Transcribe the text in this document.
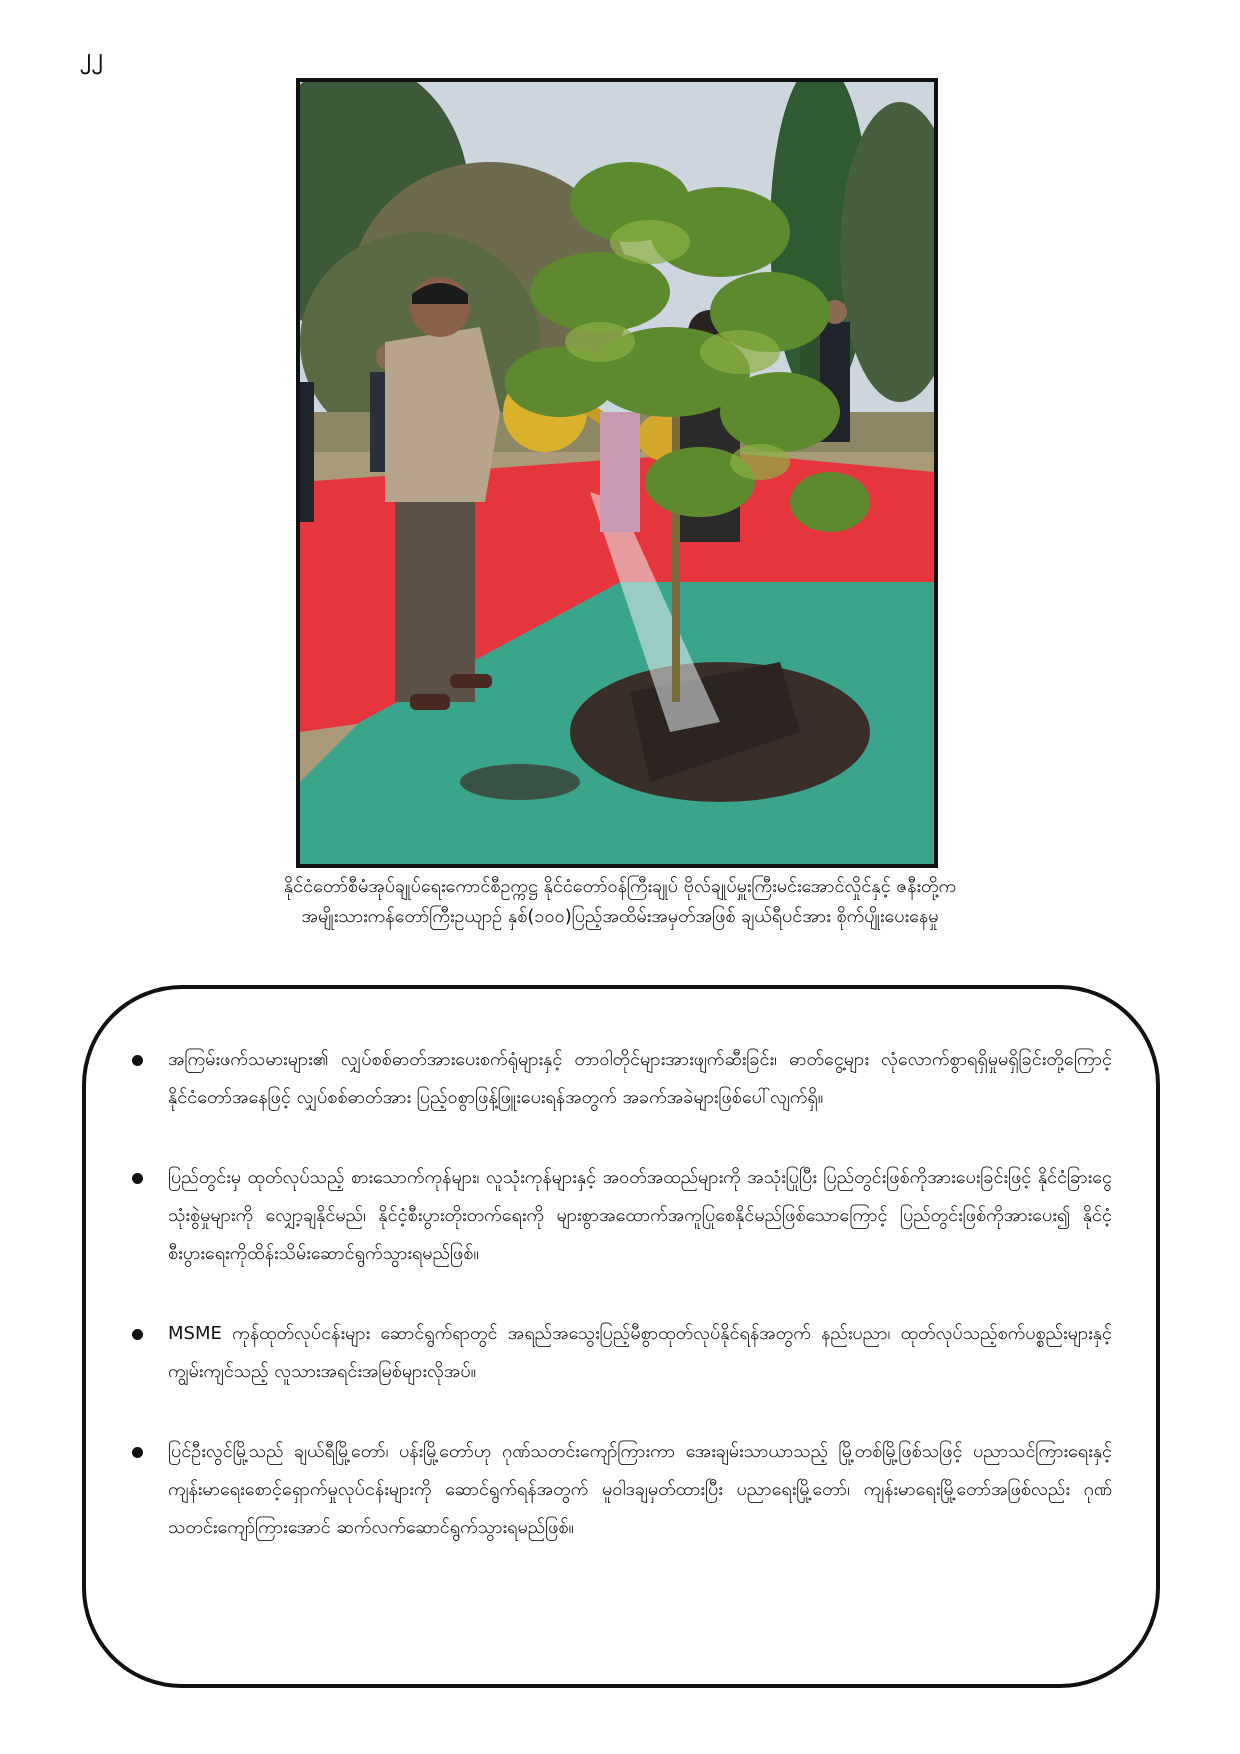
၂၂
နိုင်ငံတော်စီမံအုပ်ချုပ်ရေးကောင်စီဥက္ကဋ္ဌ နိုင်ငံတော်ဝန်ကြီးချုပ် ဗိုလ်ချုပ်မှူးကြီးမင်းအောင်လှိုင်နှင့် ဇနီးတို့က
အမျိုးသားကန်တော်ကြီးဥယျာဉ် နှစ်(၁၀၀)ပြည့်အထိမ်းအမှတ်အဖြစ် ချယ်ရီပင်အား စိုက်ပျိုးပေးနေမှု
အကြမ်းဖက်သမားများ၏ လျှပ်စစ်ဓာတ်အားပေးစက်ရုံများနှင့် တာဝါတိုင်များအားဖျက်ဆီးခြင်း၊ ဓာတ်ငွေ့များ လုံလောက်စွာရရှိမှုမရှိခြင်းတို့ကြောင့် နိုင်ငံတော်အနေဖြင့် လျှပ်စစ်ဓာတ်အား ပြည့်ဝစွာဖြန့်ဖြူးပေးရန်အတွက် အခက်အခဲများဖြစ်ပေါ်လျက်ရှိ။
ပြည်တွင်းမှ ထုတ်လုပ်သည့် စားသောက်ကုန်များ၊ လူသုံးကုန်များနှင့် အဝတ်အထည်များကို အသုံးပြုပြီး ပြည်တွင်းဖြစ်ကိုအားပေးခြင်းဖြင့် နိုင်ငံခြားငွေသုံးစွဲမှုများကို လျှော့ချနိုင်မည်၊ နိုင်ငံ့စီးပွားတိုးတက်ရေးကို များစွာအထောက်အကူပြုစေနိုင်မည်ဖြစ်သောကြောင့် ပြည်တွင်းဖြစ်ကိုအားပေး၍ နိုင်ငံ့စီးပွားရေးကိုထိန်းသိမ်းဆောင်ရွက်သွားရမည်ဖြစ်။
MSME ကုန်ထုတ်လုပ်ငန်းများ ဆောင်ရွက်ရာတွင် အရည်အသွေးပြည့်မီစွာထုတ်လုပ်နိုင်ရန်အတွက် နည်းပညာ၊ ထုတ်လုပ်သည့်စက်ပစ္စည်းများနှင့် ကျွမ်းကျင်သည့် လူသားအရင်းအမြစ်များလိုအပ်။
ပြင်ဦးလွင်မြို့သည် ချယ်ရီမြို့တော်၊ ပန်းမြို့တော်ဟု ဂုဏ်သတင်းကျော်ကြားကာ အေးချမ်းသာယာသည့် မြို့တစ်မြို့ဖြစ်သဖြင့် ပညာသင်ကြားရေးနှင့် ကျန်းမာရေးစောင့်ရှောက်မှုလုပ်ငန်းများကို ဆောင်ရွက်ရန်အတွက် မူဝါဒချမှတ်ထားပြီး ပညာရေးမြို့တော်၊ ကျန်းမာရေးမြို့တော်အဖြစ်လည်း ဂုဏ်သတင်းကျော်ကြားအောင် ဆက်လက်ဆောင်ရွက်သွားရမည်ဖြစ်။
